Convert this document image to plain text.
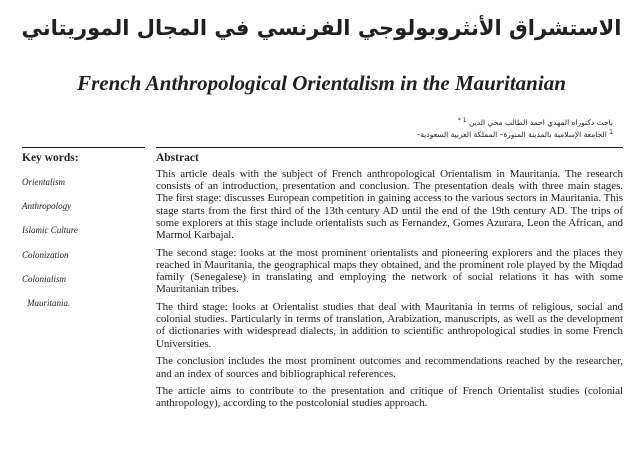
الاستشراق الأنثروبولوجي الفرنسي في المجال الموريتاني
French Anthropological Orientalism in the Mauritanian
باحث دكتوراه المهدي احمد الطالب محي الدين $^{1 *}$
$^1$ الجامعة الإسلامية بالمدينة المنورة– المملكة العربية السعودية–
Key words:
Orientalism
Anthropology
Islamic Culture
Colonization
Colonialism
Mauritania.
Abstract

This article deals with the subject of French anthropological Orientalism in Mauritania. The research consists of an introduction, presentation and conclusion. The presentation deals with three main stages. The first stage: discusses European competition in gaining access to the various sectors in Mauritania. This stage starts from the first third of the 13th century AD until the end of the 19th century AD. The trips of some explorers at this stage include orientalists such as Fernandez, Gomes Azurara, Leon the African, and Marmol Karbajal.

The second stage: looks at the most prominent orientalists and pioneering explorers and the places they reached in Mauritania, the geographical maps they obtained, and the prominent role played by the Miqdad family (Senegalese) in translating and employing the network of social relations it has with some Mauritanian tribes.

The third stage: looks at Orientalist studies that deal with Mauritania in terms of religious, social and colonial studies. Particularly in terms of translation, Arabization, manuscripts, as well as the development of dictionaries with widespread dialects, in addition to scientific anthropological studies in some French Universities.

The conclusion includes the most prominent outcomes and recommendations reached by the researcher, and an index of sources and bibliographical references.

The article aims to contribute to the presentation and critique of French Orientalist studies (colonial anthropology), according to the postcolonial studies approach.
